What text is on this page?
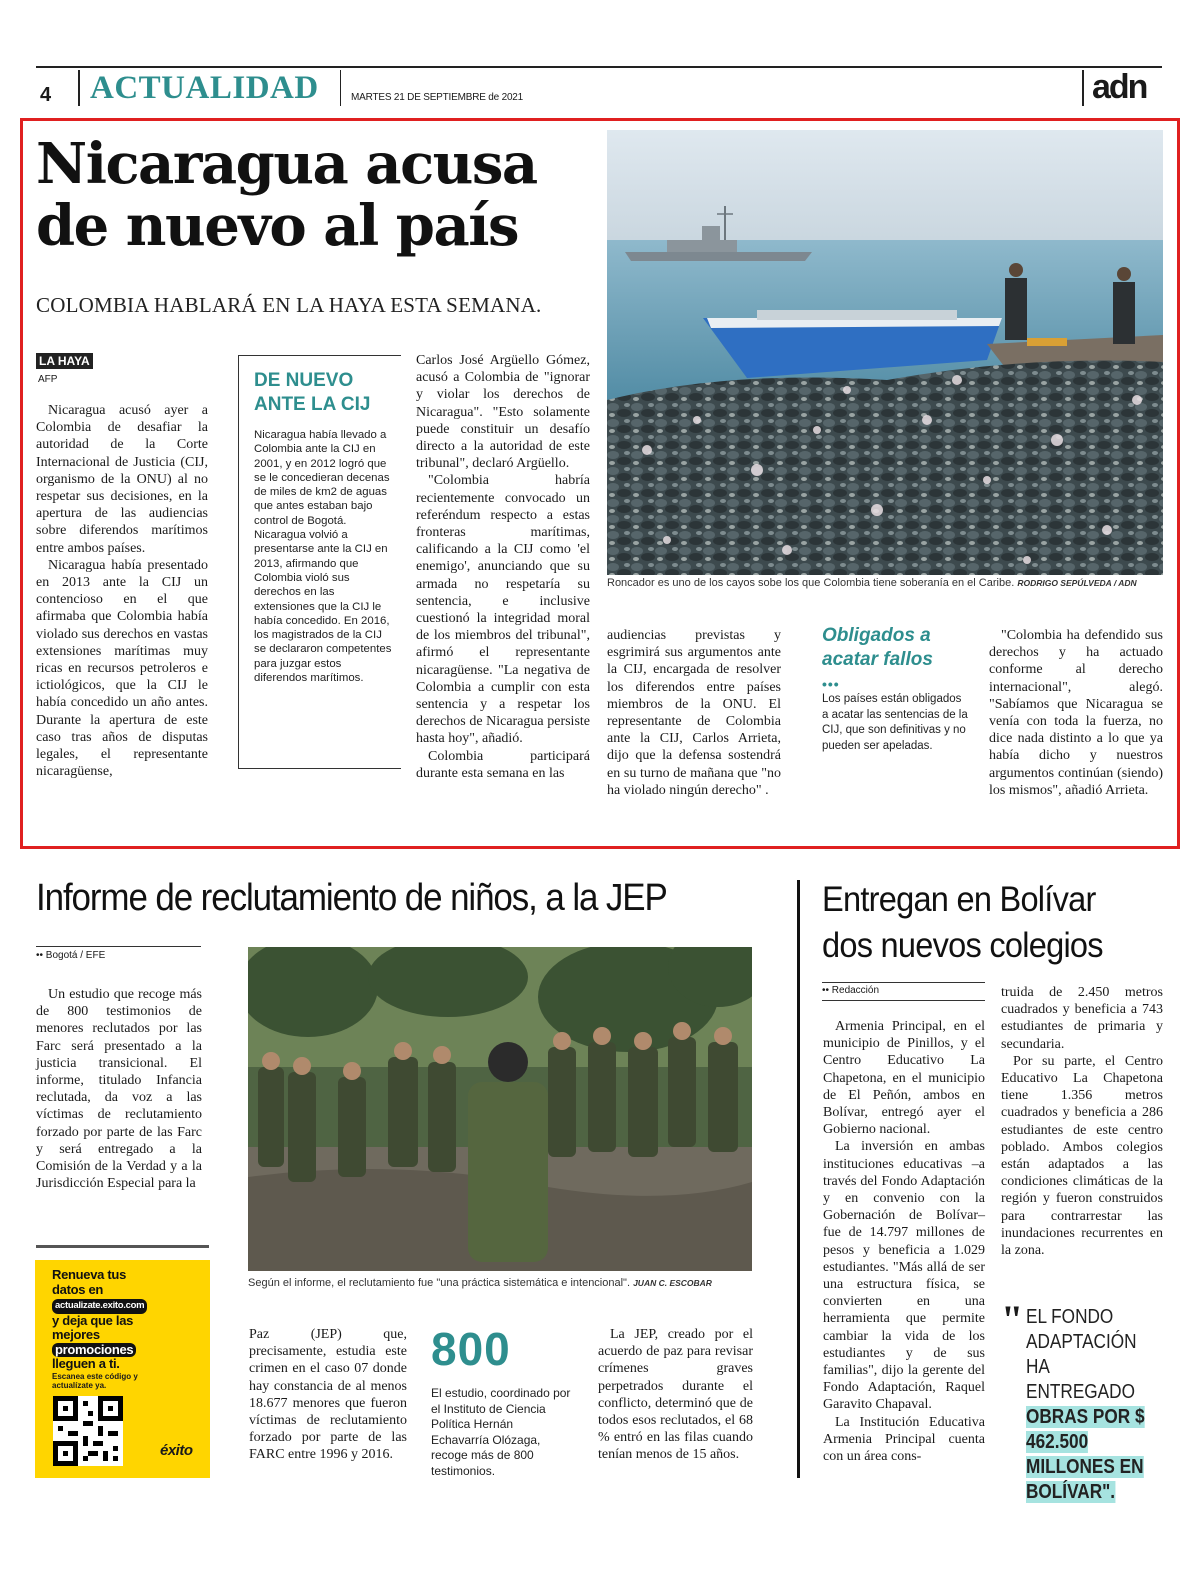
4 ACTUALIDAD	MARTES 21 DE SEPTIEMBRE de 2021	adn
Nicaragua acusa de nuevo al país
COLOMBIA HABLARÁ EN LA HAYA ESTA SEMANA.
LA HAYA
AFP

Nicaragua acusó ayer a Colombia de desafiar la autoridad de la Corte Internacional de Justicia (CIJ, organismo de la ONU) al no respetar sus decisiones, en la apertura de las audiencias sobre diferendos marítimos entre ambos países.

Nicaragua había presentado en 2013 ante la CIJ un contencioso en el que afirmaba que Colombia había violado sus derechos en vastas extensiones marítimas muy ricas en recursos petroleros e ictiológicos, que la CIJ le había concedido un año antes. Durante la apertura de este caso tras años de disputas legales, el representante nicaragüense,

DE NUEVO ANTE LA CIJ
Nicaragua había llevado a Colombia ante la CIJ en 2001, y en 2012 logró que se le concedieran decenas de miles de km2 de aguas que antes estaban bajo control de Bogotá. Nicaragua volvió a presentarse ante la CIJ en 2013, afirmando que Colombia violó sus derechos en las extensiones que la CIJ le había concedido. En 2016, los magistrados de la CIJ se declararon competentes para juzgar estos diferendos marítimos.

Carlos José Argüello Gómez, acusó a Colombia de "ignorar y violar los derechos de Nicaragua". "Esto solamente puede constituir un desafío directo a la autoridad de este tribunal", declaró Argüello.

"Colombia habría recientemente convocado un referéndum respecto a estas fronteras marítimas, calificando a la CIJ como 'el enemigo', anunciando que su armada no respetaría su sentencia, e inclusive cuestionó la integridad moral de los miembros del tribunal", afirmó el representante nicaragüense. "La negativa de Colombia a cumplir con esta sentencia y a respetar los derechos de Nicaragua persiste hasta hoy", añadió.

Colombia participará durante esta semana en las

Roncador es uno de los cayos sobe los que Colombia tiene soberanía en el Caribe. RODRIGO SEPÚLVEDA / ADN

audiencias previstas y esgrimirá sus argumentos ante la CIJ, encargada de resolver los diferendos entre países miembros de la ONU. El representante de Colombia ante la CIJ, Carlos Arrieta, dijo que la defensa sostendrá en su turno de mañana que "no ha violado ningún derecho" .

Obligados a acatar fallos
•••
Los países están obligados a acatar las sentencias de la CIJ, que son definitivas y no pueden ser apeladas.

"Colombia ha defendido sus derechos y ha actuado conforme al derecho internacional", alegó. "Sabíamos que Nicaragua se venía con toda la fuerza, no dice nada distinto a lo que ya había dicho y nuestros argumentos continúan (siendo) los mismos", añadió Arrieta.

Informe de reclutamiento de niños, a la JEP
•• Bogotá / EFE

Un estudio que recoge más de 800 testimonios de menores reclutados por las Farc será presentado a la justicia transicional. El informe, titulado Infancia reclutada, da voz a las víctimas de reclutamiento forzado por parte de las Farc y será entregado a la Comisión de la Verdad y a la Jurisdicción Especial para la

Renueva tus datos en
actualizate.exito.com
y deja que las mejores
promociones
lleguen a ti.
Escanea este código y actualízate ya.
éxito
Según el informe, el reclutamiento fue "una práctica sistemática e intencional". JUAN C. ESCOBAR

Paz (JEP) que, precisamente, estudia este crimen en el caso 07 donde hay constancia de al menos 18.677 menores que fueron víctimas de reclutamiento forzado por parte de las FARC entre 1996 y 2016.

800
El estudio, coordinado por el Instituto de Ciencia Política Hernán Echavarría Olózaga, recoge más de 800 testimonios.

La JEP, creado por el acuerdo de paz para revisar crímenes graves perpetrados durante el conflicto, determinó que de todos esos reclutados, el 68 % entró en las filas cuando tenían menos de 15 años.

Entregan en Bolívar dos nuevos colegios
•• Redacción

Armenia Principal, en el municipio de Pinillos, y el Centro Educativo La Chapetona, en el municipio de El Peñón, ambos en Bolívar, entregó ayer el Gobierno nacional.

La inversión en ambas instituciones educativas –a través del Fondo Adaptación y en convenio con la Gobernación de Bolívar– fue de 14.797 millones de pesos y beneficia a 1.029 estudiantes. "Más allá de ser una estructura física, se convierten en una herramienta que permite cambiar la vida de los estudiantes y de sus familias", dijo la gerente del Fondo Adaptación, Raquel Garavito Chapaval.

La Institución Educativa Armenia Principal cuenta con un área cons-

truida de 2.450 metros cuadrados y beneficia a 743 estudiantes de primaria y secundaria.

Por su parte, el Centro Educativo La Chapetona tiene 1.356 metros cuadrados y beneficia a 286 estudiantes de este centro poblado. Ambos colegios están adaptados a las condiciones climáticas de la región y fueron construidos para contrarrestar las inundaciones recurrentes en la zona.

" EL FONDO ADAPTACIÓN HA ENTREGADO
OBRAS POR $ 462.500 MILLONES EN BOLÍVAR".
